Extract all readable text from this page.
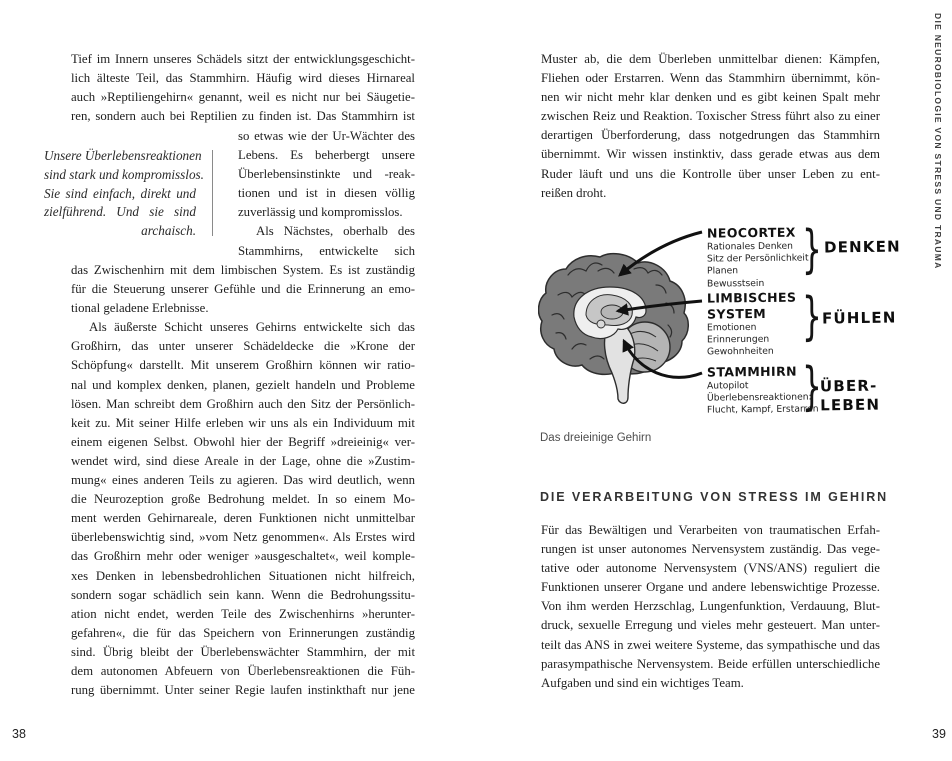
Tief im Innern unseres Schädels sitzt der entwicklungsgeschicht-
lich älteste Teil, das Stammhirn. Häufig wird dieses Hirnareal
auch »Reptiliengehirn« genannt, weil es nicht nur bei Säugetie-
ren, sondern auch bei Reptilien zu finden ist. Das Stammhirn ist
Unsere Überlebensreaktionen
sind stark und kompromisslos.
Sie sind einfach, direkt und
zielführend. Und sie sind
archaisch.
so etwas wie der Ur-Wächter des
Lebens. Es beherbergt unsere
Überlebensinstinkte und -reak-
tionen und ist in diesen völlig
zuverlässig und kompromisslos.
Als Nächstes, oberhalb des
Stammhirns, entwickelte sich
das Zwischenhirn mit dem limbischen System. Es ist zuständig
für die Steuerung unserer Gefühle und die Erinnerung an emo-
tional geladene Erlebnisse.
Als äußerste Schicht unseres Gehirns entwickelte sich das
Großhirn, das unter unserer Schädeldecke die »Krone der
Schöpfung« darstellt. Mit unserem Großhirn können wir ratio-
nal und komplex denken, planen, gezielt handeln und Probleme
lösen. Man schreibt dem Großhirn auch den Sitz der Persönlich-
keit zu. Mit seiner Hilfe erleben wir uns als ein Individuum mit
einem eigenen Selbst. Obwohl hier der Begriff »dreieinig« ver-
wendet wird, sind diese Areale in der Lage, ohne die »Zustim-
mung« eines anderen Teils zu agieren. Das wird deutlich, wenn
die Neurozeption große Bedrohung meldet. In so einem Mo-
ment werden Gehirnareale, deren Funktionen nicht unmittelbar
überlebenswichtig sind, »vom Netz genommen«. Als Erstes wird
das Großhirn mehr oder weniger »ausgeschaltet«, weil komple-
xes Denken in lebensbedrohlichen Situationen nicht hilfreich,
sondern sogar schädlich sein kann. Wenn die Bedrohungssitu-
ation nicht endet, werden Teile des Zwischenhirns »herunter-
gefahren«, die für das Speichern von Erinnerungen zuständig
sind. Übrig bleibt der Überlebenswächter Stammhirn, der mit
dem autonomen Abfeuern von Überlebensreaktionen die Füh-
rung übernimmt. Unter seiner Regie laufen instinkthaft nur jene
38
Muster ab, die dem Überleben unmittelbar dienen: Kämpfen,
Fliehen oder Erstarren. Wenn das Stammhirn übernimmt, kön-
nen wir nicht mehr klar denken und es gibt keinen Spalt mehr
zwischen Reiz und Reaktion. Toxischer Stress führt also zu einer
derartigen Überforderung, dass notgedrungen das Stammhirn
übernimmt. Wir wissen instinktiv, dass gerade etwas aus dem
Ruder läuft und uns die Kontrolle über unser Leben zu ent-
reißen droht.
NEOCORTEX
Rationales Denken
Sitz der Persönlichkeit
Planen
Bewusstsein
} DENKEN
LIMBISCHES
SYSTEM
Emotionen
Erinnerungen
Gewohnheiten
} FÜHLEN
STAMMHIRN
Autopilot
Überlebensreaktionen:
Flucht, Kampf, Erstarren
}
ÜBER-
LEBEN
Das dreieinige Gehirn
DIE VERARBEITUNG VON STRESS IM GEHIRN
Für das Bewältigen und Verarbeiten von traumatischen Erfah-
rungen ist unser autonomes Nervensystem zuständig. Das vege-
tative oder autonome Nervensystem (VNS/ANS) reguliert die
Funktionen unserer Organe und andere lebenswichtige Prozesse.
Von ihm werden Herzschlag, Lungenfunktion, Verdauung, Blut-
druck, sexuelle Erregung und vieles mehr gesteuert. Man unter-
teilt das ANS in zwei weitere Systeme, das sympathische und das
parasympathische Nervensystem. Beide erfüllen unterschiedliche
Aufgaben und sind ein wichtiges Team.
39
DIE NEUROBIOLOGIE VON STRESS UND TRAUMA
